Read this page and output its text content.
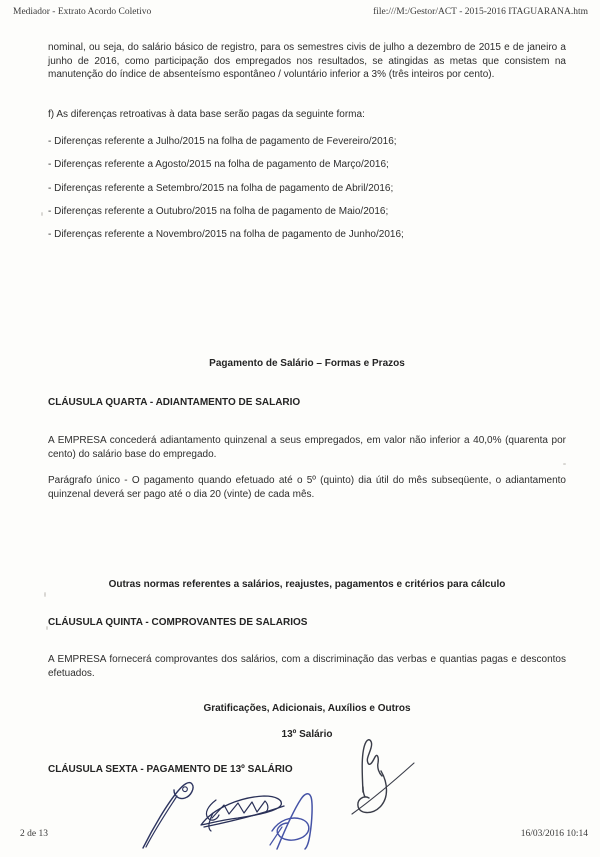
Mediador - Extrato Acordo Coletivo	file:///M:/Gestor/ACT - 2015-2016 ITAGUARANA.htm

nominal, ou seja, do salário básico de registro, para os semestres civis de julho a dezembro de 2015 e de janeiro a junho de 2016, como participação dos empregados nos resultados, se atingidas as metas que consistem na manutenção do índice de absenteísmo espontâneo / voluntário inferior a 3% (três inteiros por cento).

f) As diferenças retroativas à data base serão pagas da seguinte forma:

- Diferenças referente a Julho/2015 na folha de pagamento de Fevereiro/2016;
- Diferenças referente a Agosto/2015 na folha de pagamento de Março/2016;
- Diferenças referente a Setembro/2015 na folha de pagamento de Abril/2016;
- Diferenças referente a Outubro/2015 na folha de pagamento de Maio/2016;
- Diferenças referente a Novembro/2015 na folha de pagamento de Junho/2016;
Pagamento de Salário – Formas e Prazos
CLÁUSULA QUARTA - ADIANTAMENTO DE SALARIO

A EMPRESA concederá adiantamento quinzenal a seus empregados, em valor não inferior a 40,0% (quarenta por cento) do salário base do empregado.

Parágrafo único - O pagamento quando efetuado até o 5º (quinto) dia útil do mês subseqüente, o adiantamento quinzenal deverá ser pago até o dia 20 (vinte) de cada mês.

Outras normas referentes a salários, reajustes, pagamentos e critérios para cálculo
CLÁUSULA QUINTA - COMPROVANTES DE SALARIOS

A EMPRESA fornecerá comprovantes dos salários, com a discriminação das verbas e quantias pagas e descontos efetuados.

Gratificações, Adicionais, Auxílios e Outros
13º Salário
CLÁUSULA SEXTA - PAGAMENTO DE 13º SALÁRIO
2 de 13	16/03/2016 10:14
